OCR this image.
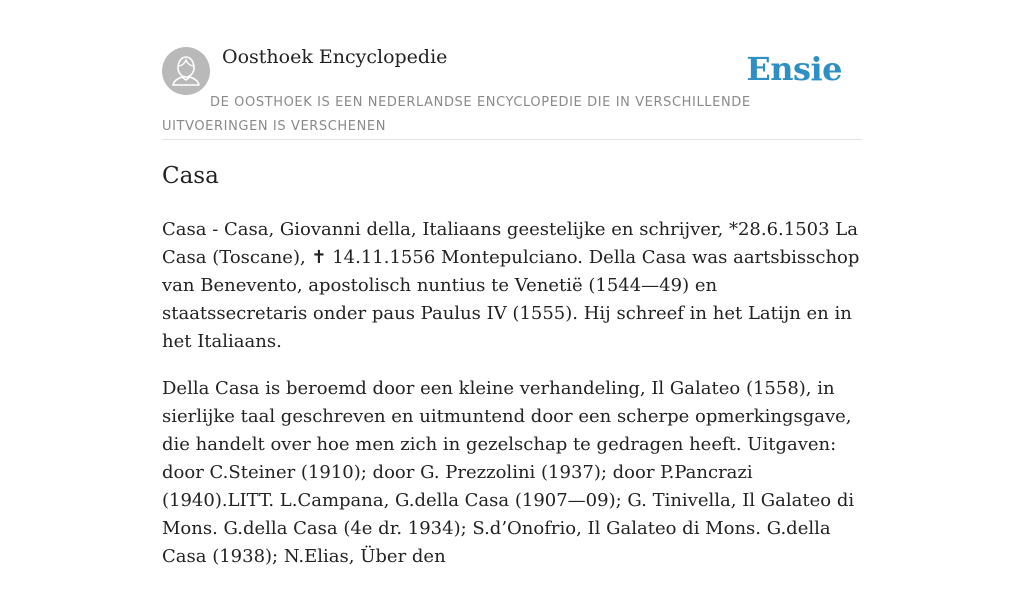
Oosthoek Encyclopedie	Ensie
DE OOSTHOEK IS EEN NEDERLANDSE ENCYCLOPEDIE DIE IN VERSCHILLENDE UITVOERINGEN IS VERSCHENEN
Casa

Casa - Casa, Giovanni della, Italiaans geestelijke en schrijver, *28.6.1503 La Casa (Toscane), ✝ 14.11.1556 Montepulciano. Della Casa was aartsbisschop van Benevento, apostolisch nuntius te Venetië (1544—49) en staatssecretaris onder paus Paulus IV (1555). Hij schreef in het Latijn en in het Italiaans.

Della Casa is beroemd door een kleine verhandeling, Il Galateo (1558), in sierlijke taal geschreven en uitmuntend door een scherpe opmerkingsgave, die handelt over hoe men zich in gezelschap te gedragen heeft. Uitgaven: door C.Steiner (1910); door G. Prezzolini (1937); door P.Pancrazi (1940).LITT. L.Campana, G.della Casa (1907—09); G. Tinivella, Il Galateo di Mons. G.della Casa (4e dr. 1934); S.d’Onofrio, Il Galateo di Mons. G.della Casa (1938); N.Elias, Über den
